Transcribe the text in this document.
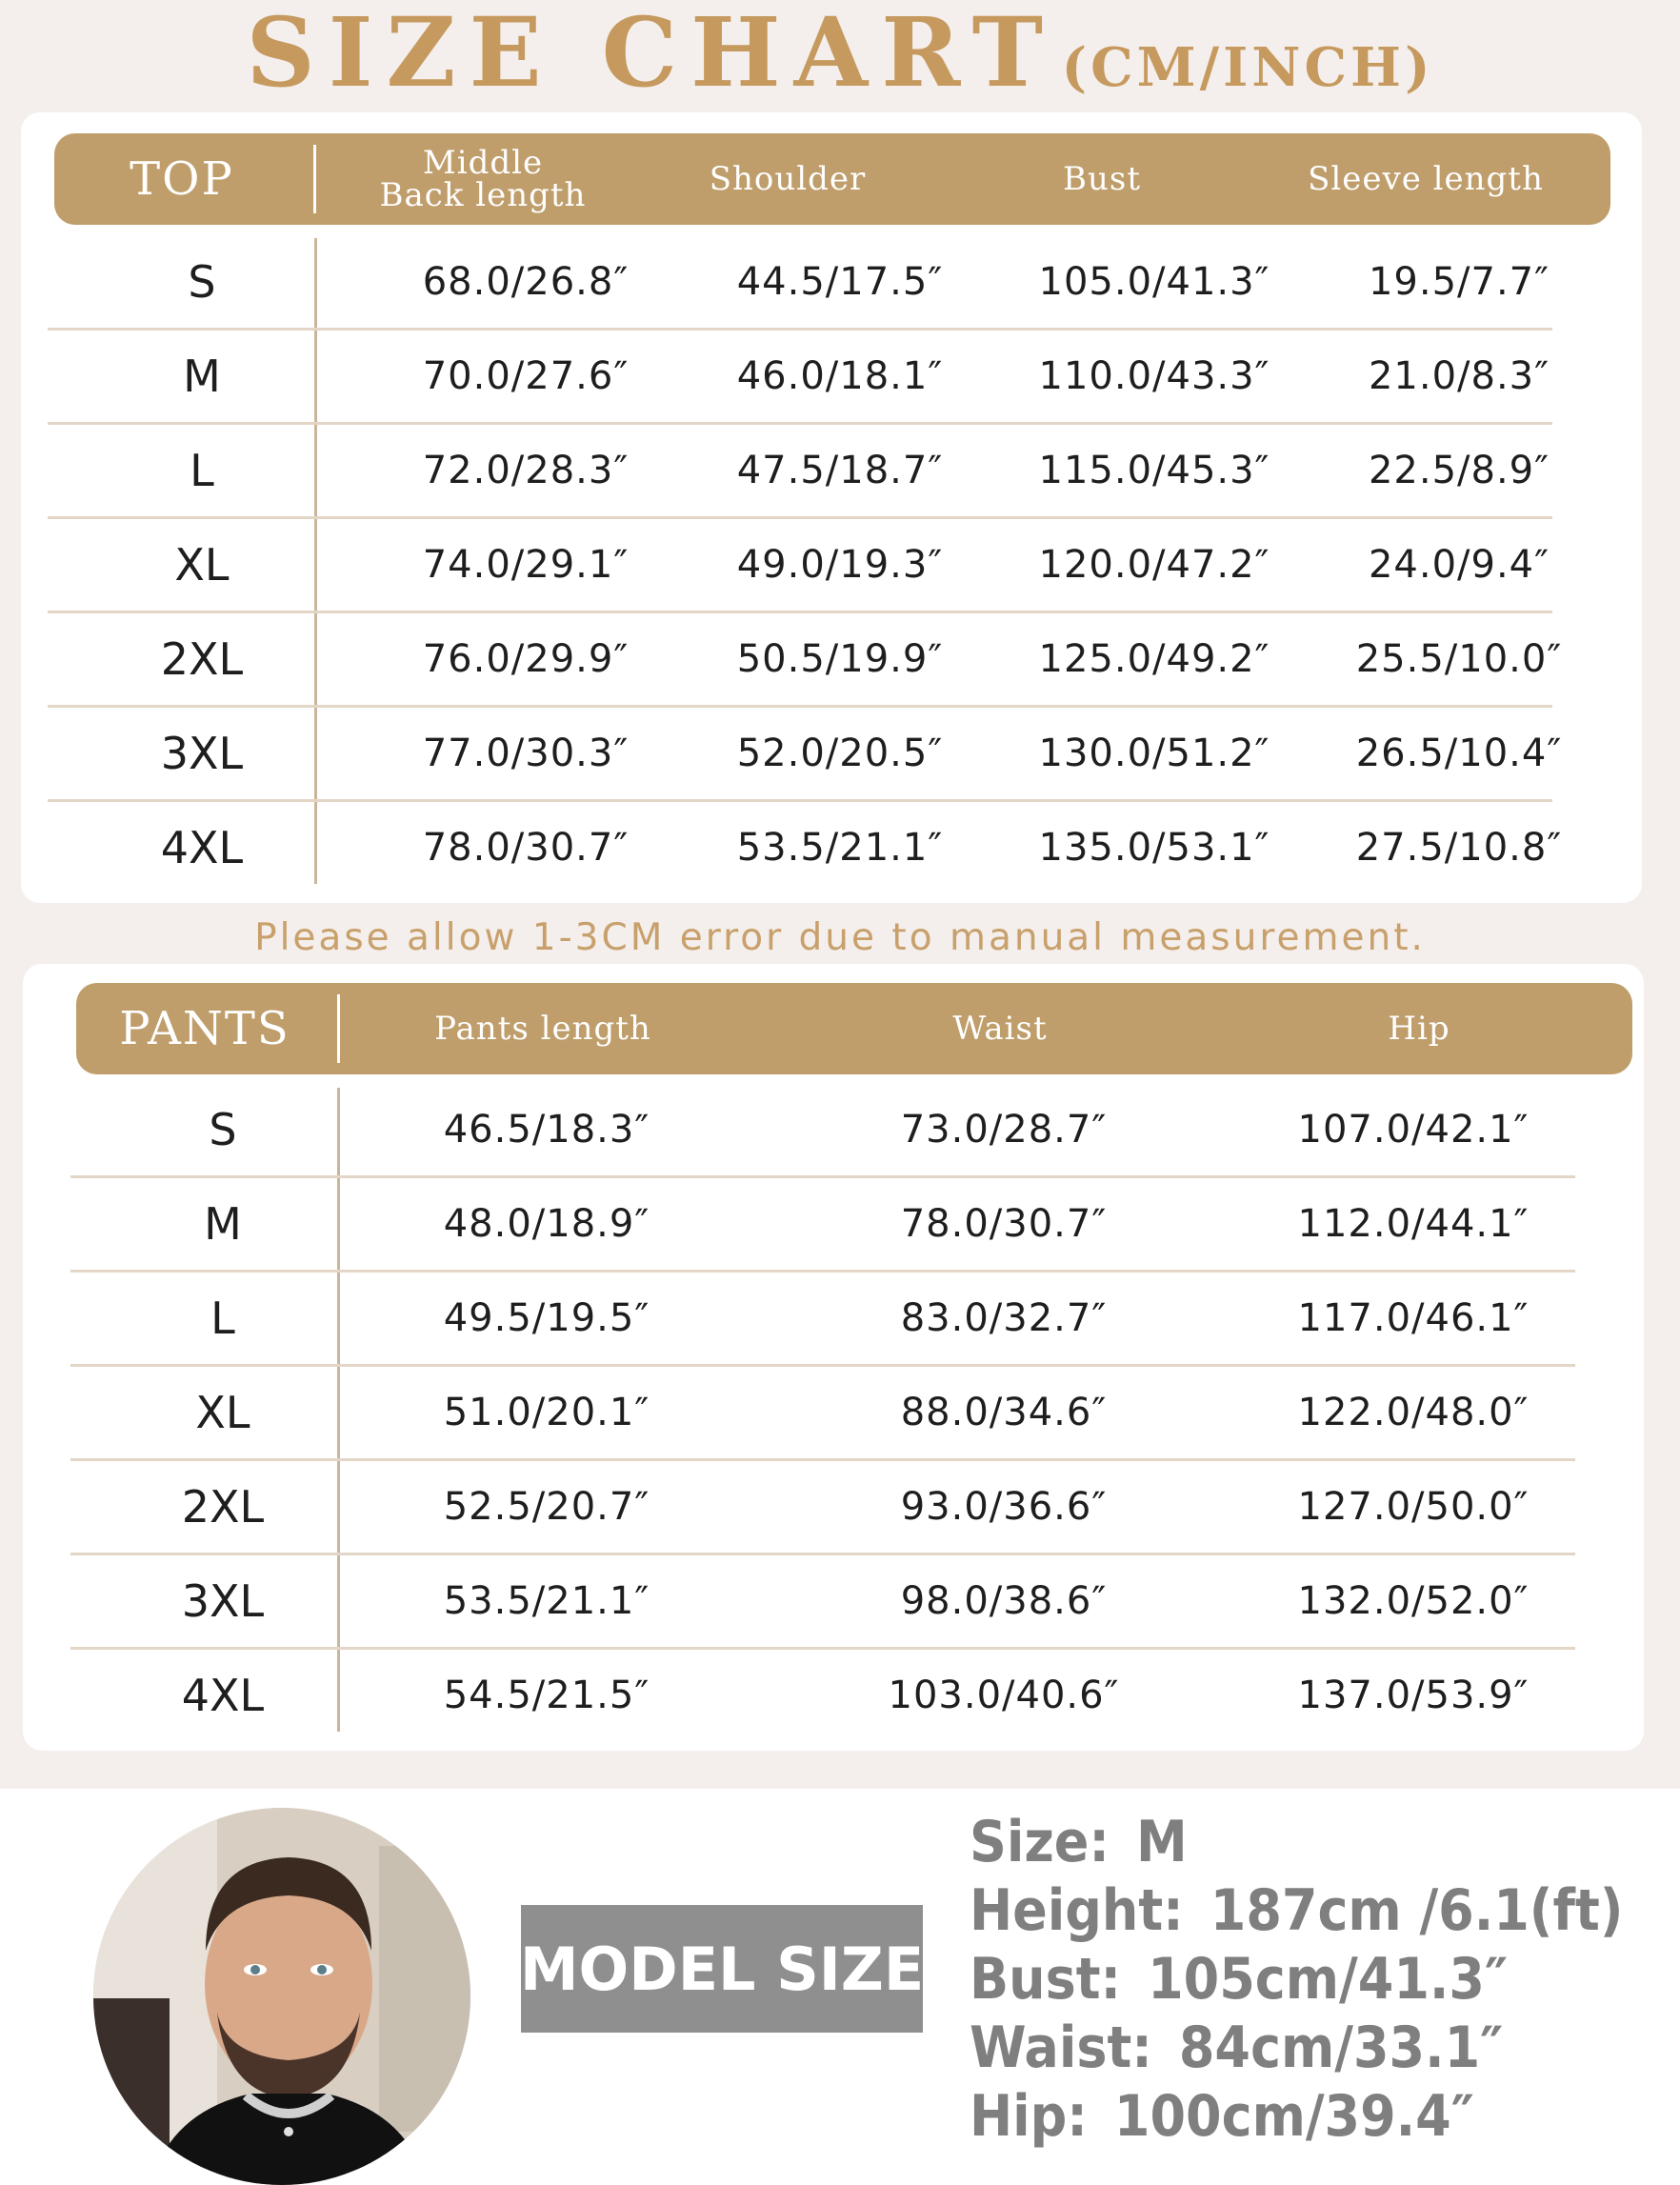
SIZE CHART (CM/INCH)
TOP	Middle Back length	Shoulder	Bust	Sleeve length
S	68.0/26.8″	44.5/17.5″	105.0/41.3″	19.5/7.7″
M	70.0/27.6″	46.0/18.1″	110.0/43.3″	21.0/8.3″
L	72.0/28.3″	47.5/18.7″	115.0/45.3″	22.5/8.9″
XL	74.0/29.1″	49.0/19.3″	120.0/47.2″	24.0/9.4″
2XL	76.0/29.9″	50.5/19.9″	125.0/49.2″	25.5/10.0″
3XL	77.0/30.3″	52.0/20.5″	130.0/51.2″	26.5/10.4″
4XL	78.0/30.7″	53.5/21.1″	135.0/53.1″	27.5/10.8″
Please allow 1-3CM error due to manual measurement.
PANTS	Pants length	Waist	Hip
S	46.5/18.3″	73.0/28.7″	107.0/42.1″
M	48.0/18.9″	78.0/30.7″	112.0/44.1″
L	49.5/19.5″	83.0/32.7″	117.0/46.1″
XL	51.0/20.1″	88.0/34.6″	122.0/48.0″
2XL	52.5/20.7″	93.0/36.6″	127.0/50.0″
3XL	53.5/21.1″	98.0/38.6″	132.0/52.0″
4XL	54.5/21.5″	103.0/40.6″	137.0/53.9″
MODEL SIZE
Size: M
Height: 187cm /6.1(ft)
Bust: 105cm/41.3″
Waist: 84cm/33.1″
Hip: 100cm/39.4″
